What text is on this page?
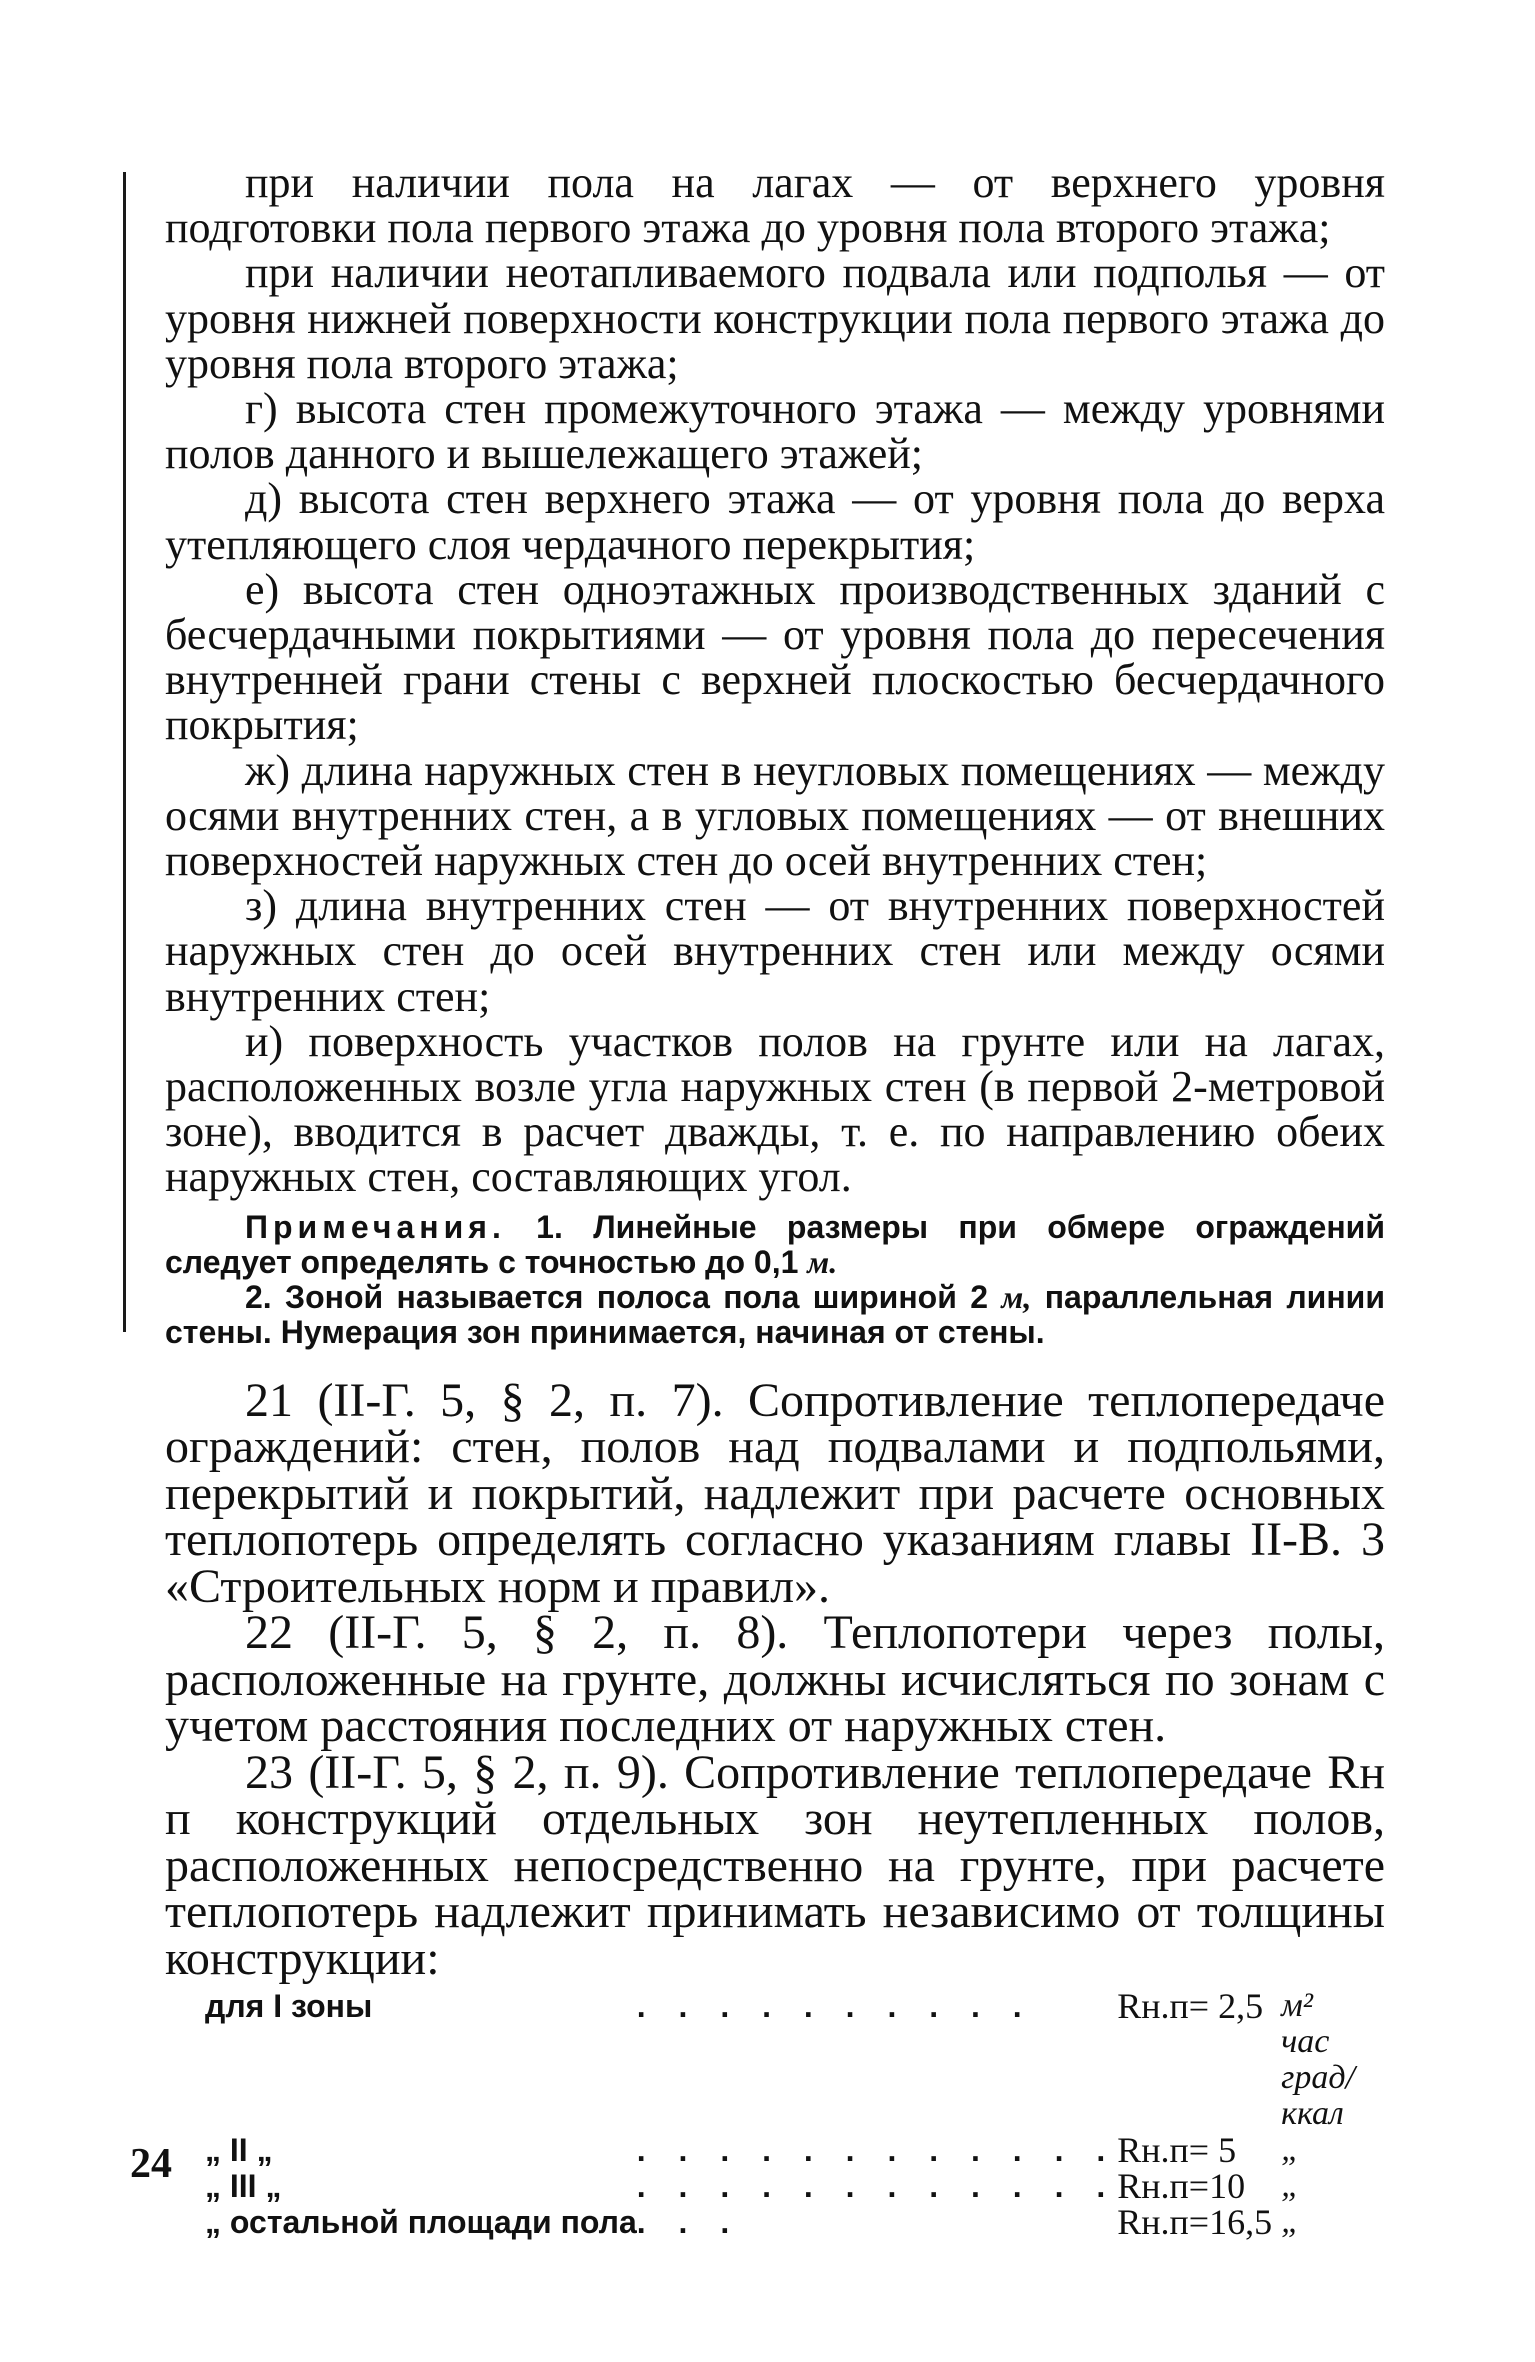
при наличии пола на лагах — от верхнего уровня подготовки пола первого этажа до уровня пола второго этажа;

при наличии неотапливаемого подвала или подполья — от уровня нижней поверхности конструкции пола первого этажа до уровня пола второго этажа;

г) высота стен промежуточного этажа — между уровнями полов данного и вышележащего этажей;

д) высота стен верхнего этажа — от уровня пола до верха утепляющего слоя чердачного перекрытия;

е) высота стен одноэтажных производственных зданий с бесчердачными покрытиями — от уровня пола до пересечения внутренней грани стены с верхней плоскостью бесчердачного покрытия;

ж) длина наружных стен в неугловых помещениях — между осями внутренних стен, а в угловых помещениях — от внешних поверхностей наружных стен до осей внутренних стен;

з) длина внутренних стен — от внутренних поверхностей наружных стен до осей внутренних стен или между осями внутренних стен;

и) поверхность участков полов на грунте или на лагах, расположенных возле угла наружных стен (в первой 2-метровой зоне), вводится в расчет дважды, т. е. по направлению обеих наружных стен, составляющих угол.

Примечания. 1. Линейные размеры при обмере ограждений следует определять с точностью до 0,1 м.

2. Зоной называется полоса пола шириной 2 м, параллельная линии стены. Нумерация зон принимается, начиная от стены.

21 (II-Г. 5, § 2, п. 7). Сопротивление теплопередаче ограждений: стен, полов над подвалами и подпольями, перекрытий и покрытий, надлежит при расчете основных теплопотерь определять согласно указаниям главы II-В. 3 «Строительных норм и правил».

22 (II-Г. 5, § 2, п. 8). Теплопотери через полы, расположенные на грунте, должны исчисляться по зонам с учетом расстояния последних от наружных стен.

23 (II-Г. 5, § 2, п. 9). Сопротивление теплопередаче Rн п конструкций отдельных зон неутепленных полов, расположенных непосредственно на грунте, при расчете теплопотерь надлежит принимать независимо от толщины конструкции:

для I зоны	. . . . . . . . . .	Rн.п= 2,5	м² час град/ккал
„ II „	. . . . . . . . . . . .	Rн.п= 5	„
„ III „	. . . . . . . . . . . .	Rн.п=10	„
„ остальной площади пола	. . .	Rн.п=16,5	„
24
